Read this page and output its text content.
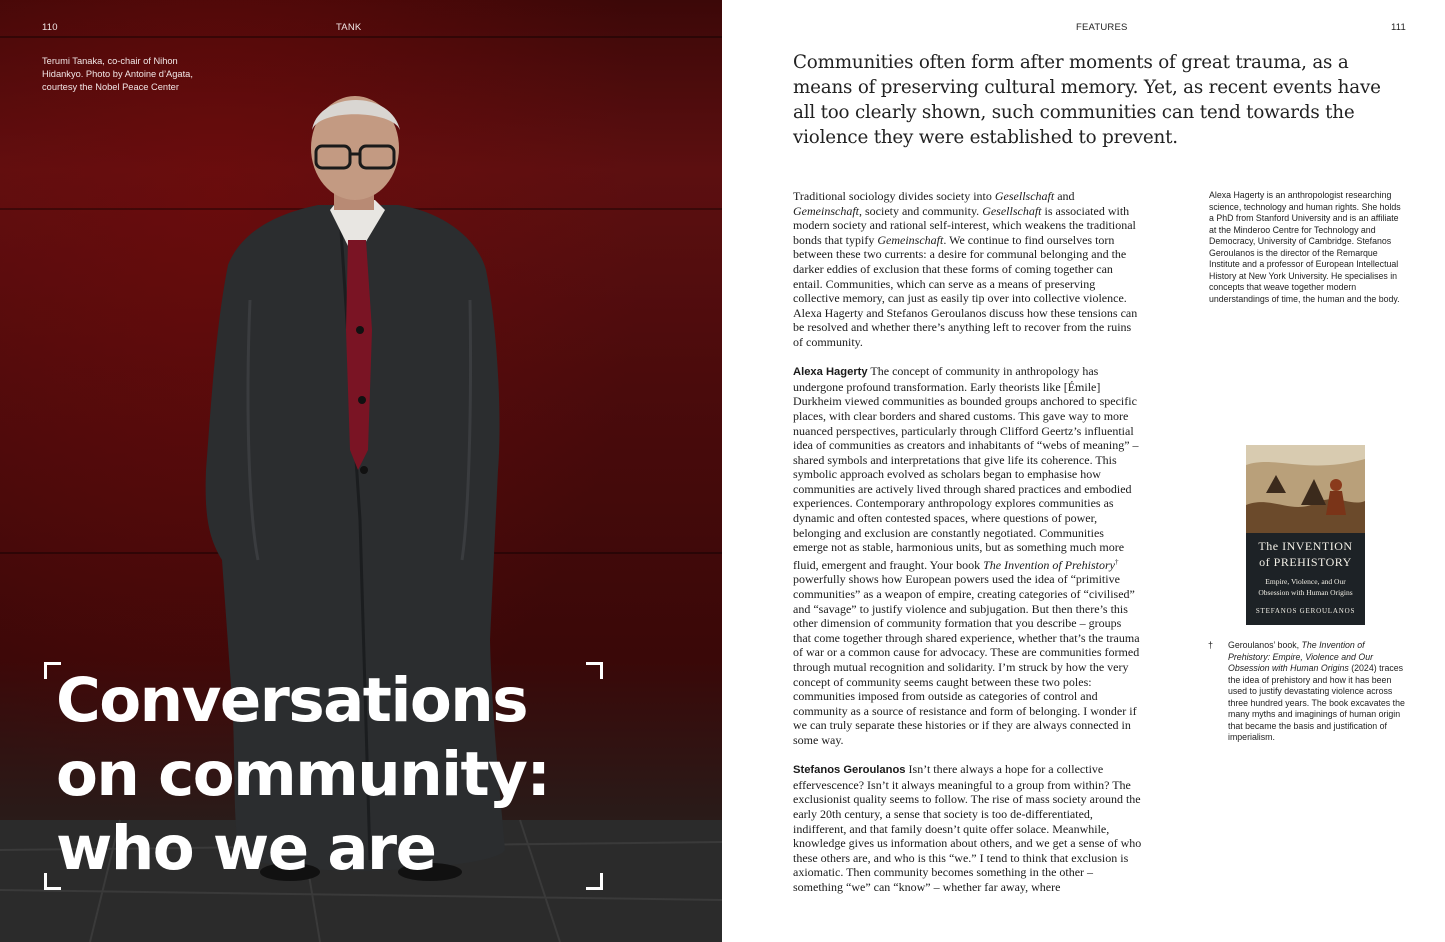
110	TANK

Terumi Tanaka, co-chair of Nihon Hidankyo. Photo by Antoine d’Agata, courtesy the Nobel Peace Center

Conversations
on community:
who we are
FEATURES	111

Communities often form after moments of great trauma, as a means of preserving cultural memory. Yet, as recent events have all too clearly shown, such communities can tend towards the violence they were established to prevent.

Traditional sociology divides society into Gesellschaft and Gemeinschaft, society and community. Gesellschaft is associated with modern society and rational self-interest, which weakens the traditional bonds that typify Gemeinschaft. We continue to find ourselves torn between these two currents: a desire for communal belonging and the darker eddies of exclusion that these forms of coming together can entail. Communities, which can serve as a means of preserving collective memory, can just as easily tip over into collective violence. Alexa Hagerty and Stefanos Geroulanos discuss how these tensions can be resolved and whether there’s anything left to recover from the ruins of community.

Alexa Hagerty The concept of community in anthropology has undergone profound transformation. Early theorists like [Émile] Durkheim viewed communities as bounded groups anchored to specific places, with clear borders and shared customs. This gave way to more nuanced perspectives, particularly through Clifford Geertz’s influential idea of communities as creators and inhabitants of “webs of meaning” – shared symbols and interpretations that give life its coherence. This symbolic approach evolved as scholars began to emphasise how communities are actively lived through shared practices and embodied experiences. Contemporary anthropology explores communities as dynamic and often contested spaces, where questions of power, belonging and exclusion are constantly negotiated. Communities emerge not as stable, harmonious units, but as something much more fluid, emergent and fraught. Your book The Invention of Prehistory† powerfully shows how European powers used the idea of “primitive communities” as a weapon of empire, creating categories of “civilised” and “savage” to justify violence and subjugation. But then there’s this other dimension of community formation that you describe – groups that come together through shared experience, whether that’s the trauma of war or a common cause for advocacy. These are communities formed through mutual recognition and solidarity. I’m struck by how the very concept of community seems caught between these two poles: communities imposed from outside as categories of control and community as a source of resistance and form of belonging. I wonder if we can truly separate these histories or if they are always connected in some way.

Stefanos Geroulanos Isn’t there always a hope for a collective effervescence? Isn’t it always meaningful to a group from within? The exclusionist quality seems to follow. The rise of mass society around the early 20th century, a sense that society is too de-differentiated, indifferent, and that family doesn’t quite offer solace. Meanwhile, knowledge gives us information about others, and we get a sense of who these others are, and who is this “we.” I tend to think that exclusion is axiomatic. Then community becomes something in the other – something “we” can “know” – whether far away, where

Alexa Hagerty is an anthropologist researching science, technology and human rights. She holds a PhD from Stanford University and is an affiliate at the Minderoo Centre for Technology and Democracy, University of Cambridge. Stefanos Geroulanos is the director of the Remarque Institute and a professor of European Intellectual History at New York University. He specialises in concepts that weave together modern understandings of time, the human and the body.

The INVENTION
of PREHISTORY
Empire, Violence, and Our
Obsession with Human Origins
STEFANOS GEROULANOS
† Geroulanos’ book, The Invention of Prehistory: Empire, Violence and Our Obsession with Human Origins (2024) traces the idea of prehistory and how it has been used to justify devastating violence across three hundred years. The book excavates the many myths and imaginings of human origin that became the basis and justification of imperialism.
